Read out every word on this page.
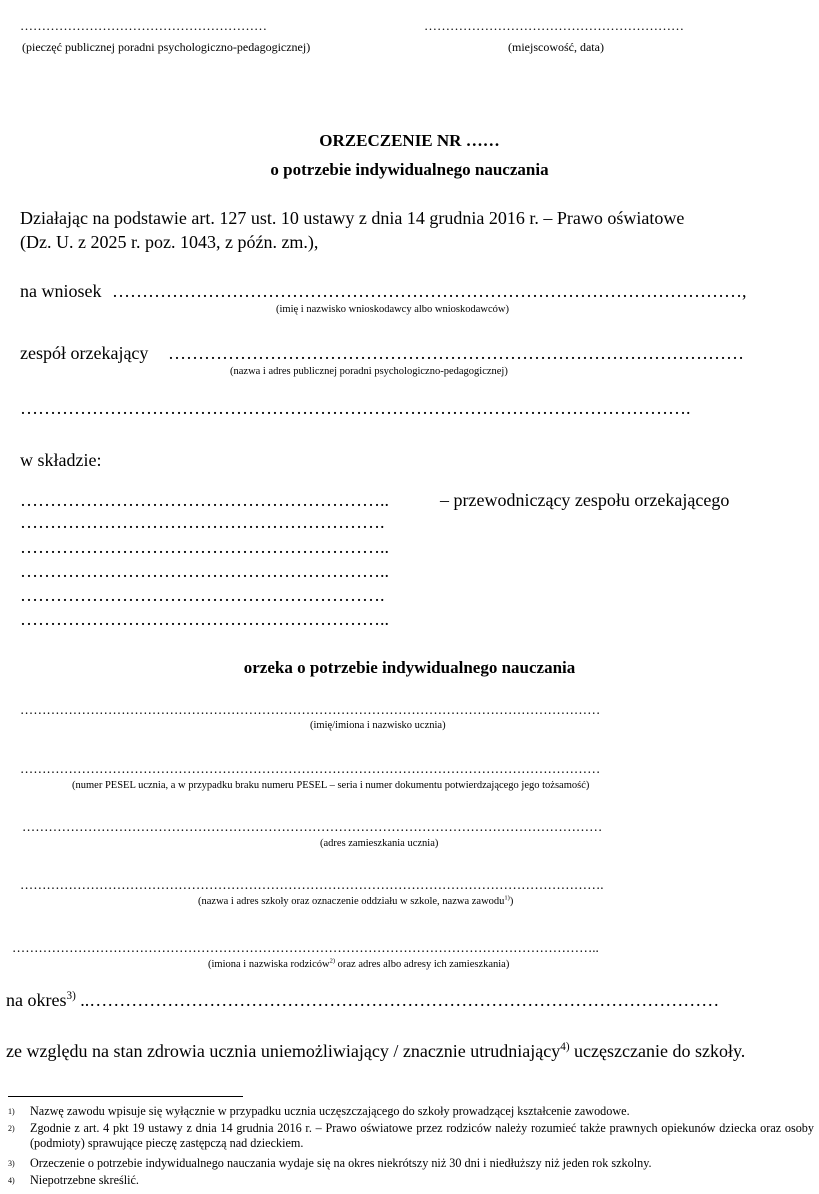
…………………………………………………
(pieczęć publicznej poradni psychologiczno-pedagogicznej)
……………………………………………………
(miejscowość, data)
ORZECZENIE NR ……
o potrzebie indywidualnego nauczania
Działając na podstawie art. 127 ust. 10 ustawy z dnia 14 grudnia 2016 r. – Prawo oświatowe
(Dz. U. z 2025 r. poz. 1043, z późn. zm.),
na wniosek ……………………………………………………………………………………………,
(imię i nazwisko wnioskodawcy albo wnioskodawców)
zespół orzekający ……………………………………………………………………………………
(nazwa i adres publicznej poradni psychologiczno-pedagogicznej)
………………………………………………………………………………………………….
w składzie:
……………………………………………………..	– przewodniczący zespołu orzekającego
…………………………………………………….
……………………………………………………..
……………………………………………………..
…………………………………………………….
……………………………………………………..
orzeka o potrzebie indywidualnego nauczania
……………………………………………………………………………………………………………………
(imię/imiona i nazwisko ucznia)
……………………………………………………………………………………………………………………
(numer PESEL ucznia, a w przypadku braku numeru PESEL – seria i numer dokumentu potwierdzającego jego tożsamość)
……………………………………………………………………………………………………………………
(adres zamieszkania ucznia)
…………………………………………………………………………………………………………………….
(nazwa i adres szkoły oraz oznaczenie oddziału w szkole, nazwa zawodu$^{1)}$)
……………………………………………………………………………………………………………………..
(imiona i nazwiska rodziców$^{2)}$ oraz adres albo adresy ich zamieszkania)
na okres$^{3)}$ ..……………………………………………………………………………………………
ze względu na stan zdrowia ucznia uniemożliwiający / znacznie utrudniający$^{4)}$ uczęszczanie do szkoły.
1) Nazwę zawodu wpisuje się wyłącznie w przypadku ucznia uczęszczającego do szkoły prowadzącej kształcenie zawodowe.
2) Zgodnie z art. 4 pkt 19 ustawy z dnia 14 grudnia 2016 r. – Prawo oświatowe przez rodziców należy rozumieć także prawnych opiekunów dziecka oraz osoby (podmioty) sprawujące pieczę zastępczą nad dzieckiem.
3) Orzeczenie o potrzebie indywidualnego nauczania wydaje się na okres niekrótszy niż 30 dni i niedłuższy niż jeden rok szkolny.
4) Niepotrzebne skreślić.
